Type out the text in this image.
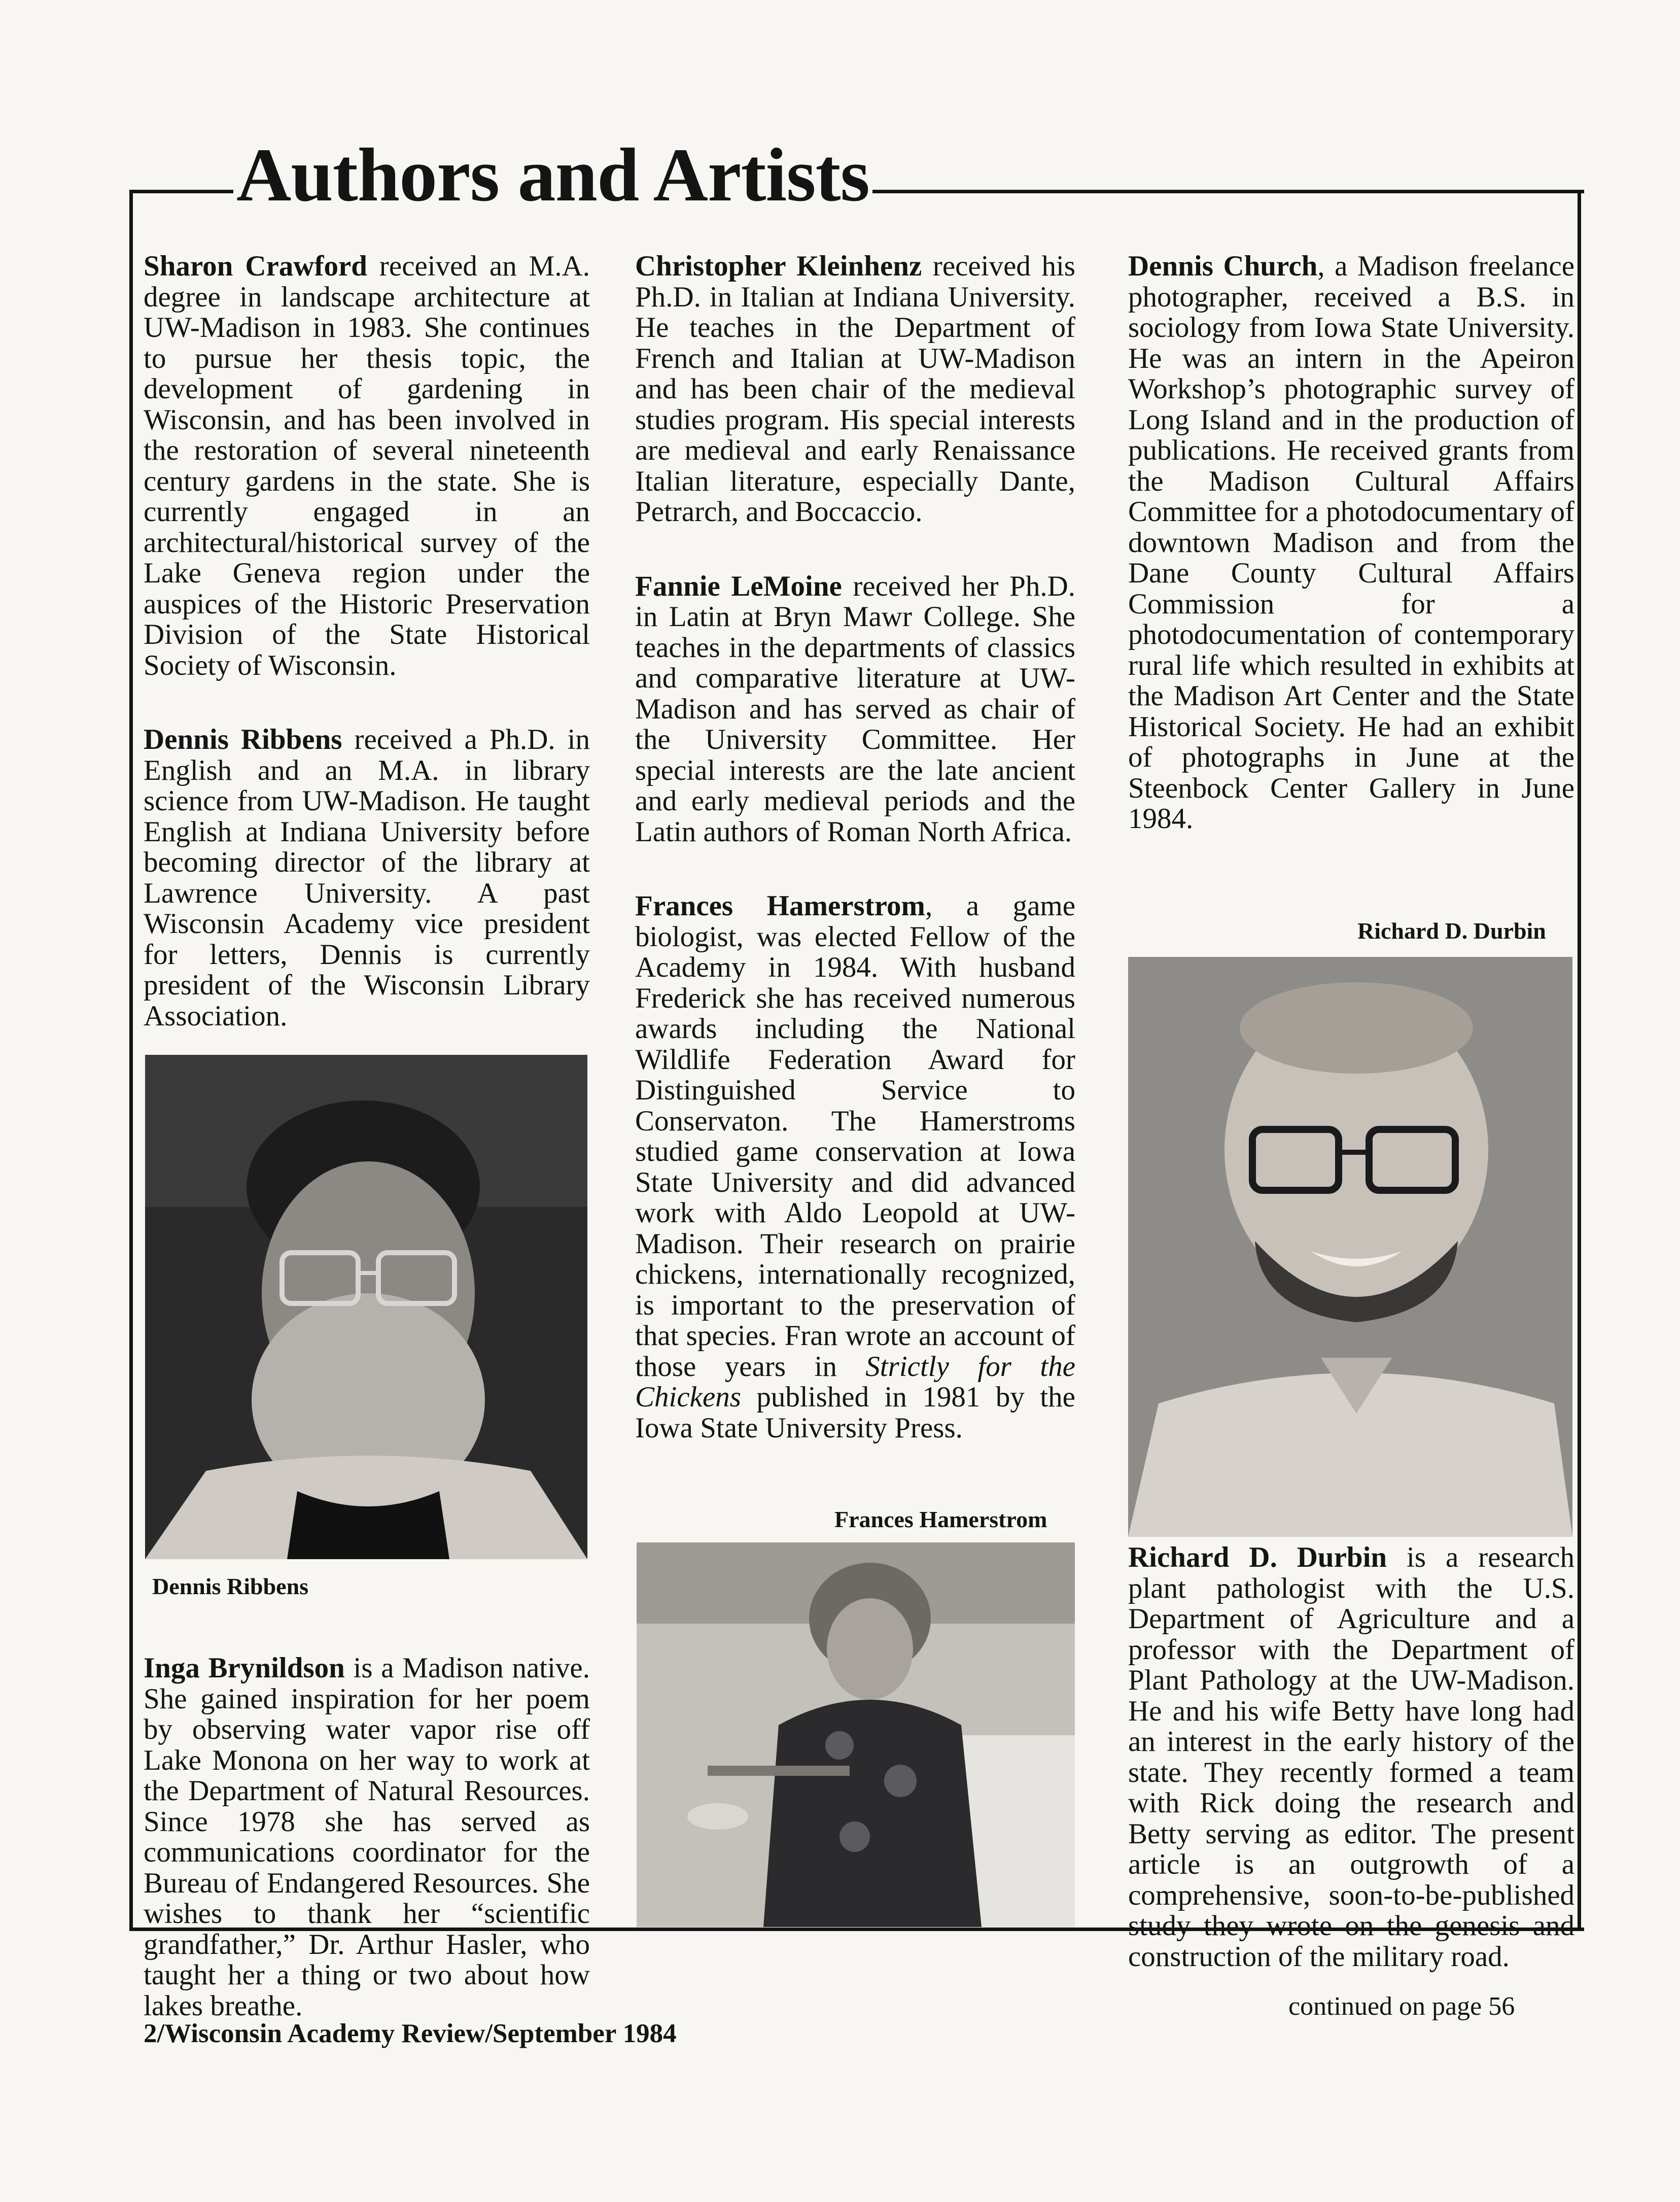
Authors and Artists

Sharon Crawford received an M.A. degree in landscape architecture at UW-Madison in 1983. She continues to pursue her thesis topic, the development of gardening in Wisconsin, and has been involved in the restoration of several nineteenth century gardens in the state. She is currently engaged in an architectural/historical survey of the Lake Geneva region under the auspices of the Historic Preservation Division of the State Historical Society of Wisconsin.

Dennis Ribbens received a Ph.D. in English and an M.A. in library science from UW-Madison. He taught English at Indiana University before becoming director of the library at Lawrence University. A past Wisconsin Academy vice president for letters, Dennis is currently president of the Wisconsin Library Association.

Dennis Ribbens

Inga Brynildson is a Madison native. She gained inspiration for her poem by observing water vapor rise off Lake Monona on her way to work at the Department of Natural Resources. Since 1978 she has served as communications coordinator for the Bureau of Endangered Resources. She wishes to thank her “scientific grandfather,” Dr. Arthur Hasler, who taught her a thing or two about how lakes breathe.

Christopher Kleinhenz received his Ph.D. in Italian at Indiana University. He teaches in the Department of French and Italian at UW-Madison and has been chair of the medieval studies program. His special interests are medieval and early Renaissance Italian literature, especially Dante, Petrarch, and Boccaccio.

Fannie LeMoine received her Ph.D. in Latin at Bryn Mawr College. She teaches in the departments of classics and comparative literature at UW-Madison and has served as chair of the University Committee. Her special interests are the late ancient and early medieval periods and the Latin authors of Roman North Africa.

Frances Hamerstrom, a game biologist, was elected Fellow of the Academy in 1984. With husband Frederick she has received numerous awards including the National Wildlife Federation Award for Distinguished Service to Conservaton. The Hamerstroms studied game conservation at Iowa State University and did advanced work with Aldo Leopold at UW-Madison. Their research on prairie chickens, internationally recognized, is important to the preservation of that species. Fran wrote an account of those years in Strictly for the Chickens published in 1981 by the Iowa State University Press.

Frances Hamerstrom

Dennis Church, a Madison freelance photographer, received a B.S. in sociology from Iowa State University. He was an intern in the Apeiron Workshop’s photographic survey of Long Island and in the production of publications. He received grants from the Madison Cultural Affairs Committee for a photodocumentary of downtown Madison and from the Dane County Cultural Affairs Commission for a photodocumentation of contemporary rural life which resulted in exhibits at the Madison Art Center and the State Historical Society. He had an exhibit of photographs in June at the Steenbock Center Gallery in June 1984.

Richard D. Durbin

Richard D. Durbin is a research plant pathologist with the U.S. Department of Agriculture and a professor with the Department of Plant Pathology at the UW-Madison. He and his wife Betty have long had an interest in the early history of the state. They recently formed a team with Rick doing the research and Betty serving as editor. The present article is an outgrowth of a comprehensive, soon-to-be-published study they wrote on the genesis and construction of the military road.

continued on page 56
2/Wisconsin Academy Review/September 1984
